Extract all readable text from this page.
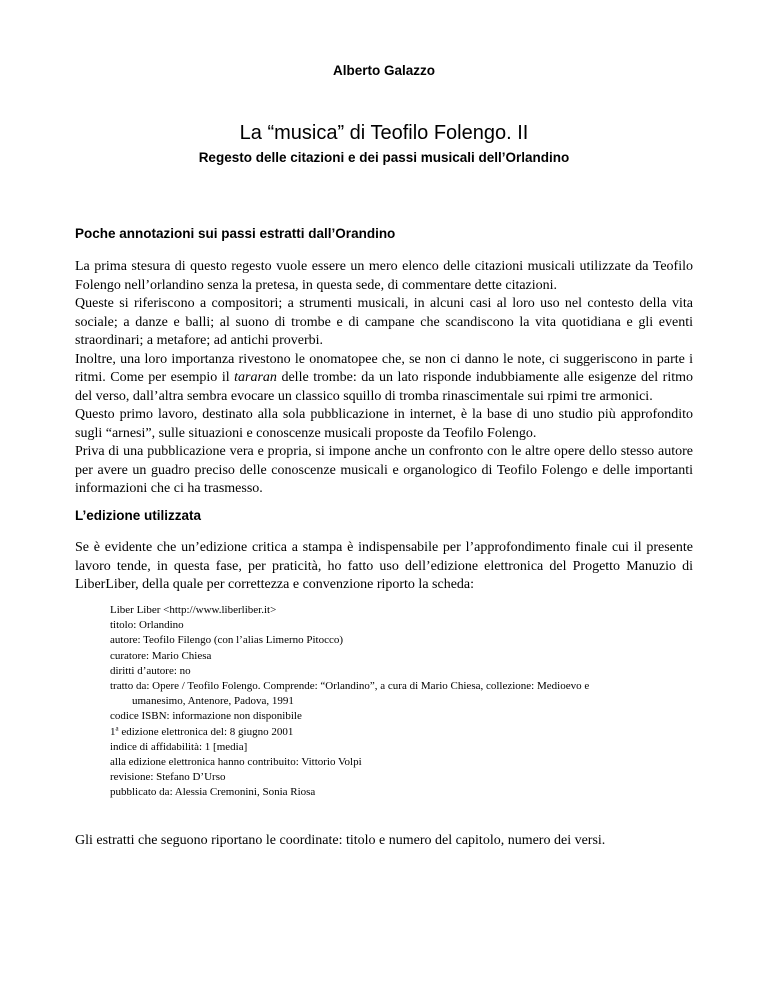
Alberto Galazzo
La “musica” di Teofilo Folengo. II
Regesto delle citazioni e dei passi musicali dell’Orlandino
Poche annotazioni sui passi estratti dall’Orandino

La prima stesura di questo regesto vuole essere un mero elenco delle citazioni musicali utilizzate da Teofilo Folengo nell’orlandino senza la pretesa, in questa sede, di commentare dette citazioni.

Queste si riferiscono a compositori; a strumenti musicali, in alcuni casi al loro uso nel contesto della vita sociale; a danze e balli; al suono di trombe e di campane che scandiscono la vita quotidiana e gli eventi straordinari; a metafore; ad antichi proverbi.

Inoltre, una loro importanza rivestono le onomatopee che, se non ci danno le note, ci suggeriscono in parte i ritmi. Come per esempio il tararan delle trombe: da un lato risponde indubbiamente alle esigenze del ritmo del verso, dall’altra sembra evocare un classico squillo di tromba rinascimentale sui rpimi tre armonici.

Questo primo lavoro, destinato alla sola pubblicazione in internet, è la base di uno studio più approfondito sugli “arnesi”, sulle situazioni e conoscenze musicali proposte da Teofilo Folengo.

Priva di una pubblicazione vera e propria, si impone anche un confronto con le altre opere dello stesso autore per avere un guadro preciso delle conoscenze musicali e organologico di Teofilo Folengo e delle importanti informazioni che ci ha trasmesso.

L’edizione utilizzata

Se è evidente che un’edizione critica a stampa è indispensabile per l’approfondimento finale cui il presente lavoro tende, in questa fase, per praticità, ho fatto uso dell’edizione elettronica del Progetto Manuzio di LiberLiber, della quale per correttezza e convenzione riporto la scheda:

Liber Liber <http://www.liberliber.it>
titolo: Orlandino
autore: Teofilo Filengo (con l’alias Limerno Pitocco)
curatore: Mario Chiesa
diritti d’autore: no
tratto da: Opere / Teofilo Folengo. Comprende: “Orlandino”, a cura di Mario Chiesa, collezione: Medioevo e
umanesimo, Antenore, Padova, 1991
codice ISBN: informazione non disponibile
1$^a$ edizione elettronica del: 8 giugno 2001
indice di affidabilità: 1 [media]
alla edizione elettronica hanno contribuito: Vittorio Volpi
revisione: Stefano D’Urso
pubblicato da: Alessia Cremonini, Sonia Riosa
Gli estratti che seguono riportano le coordinate: titolo e numero del capitolo, numero dei versi.
